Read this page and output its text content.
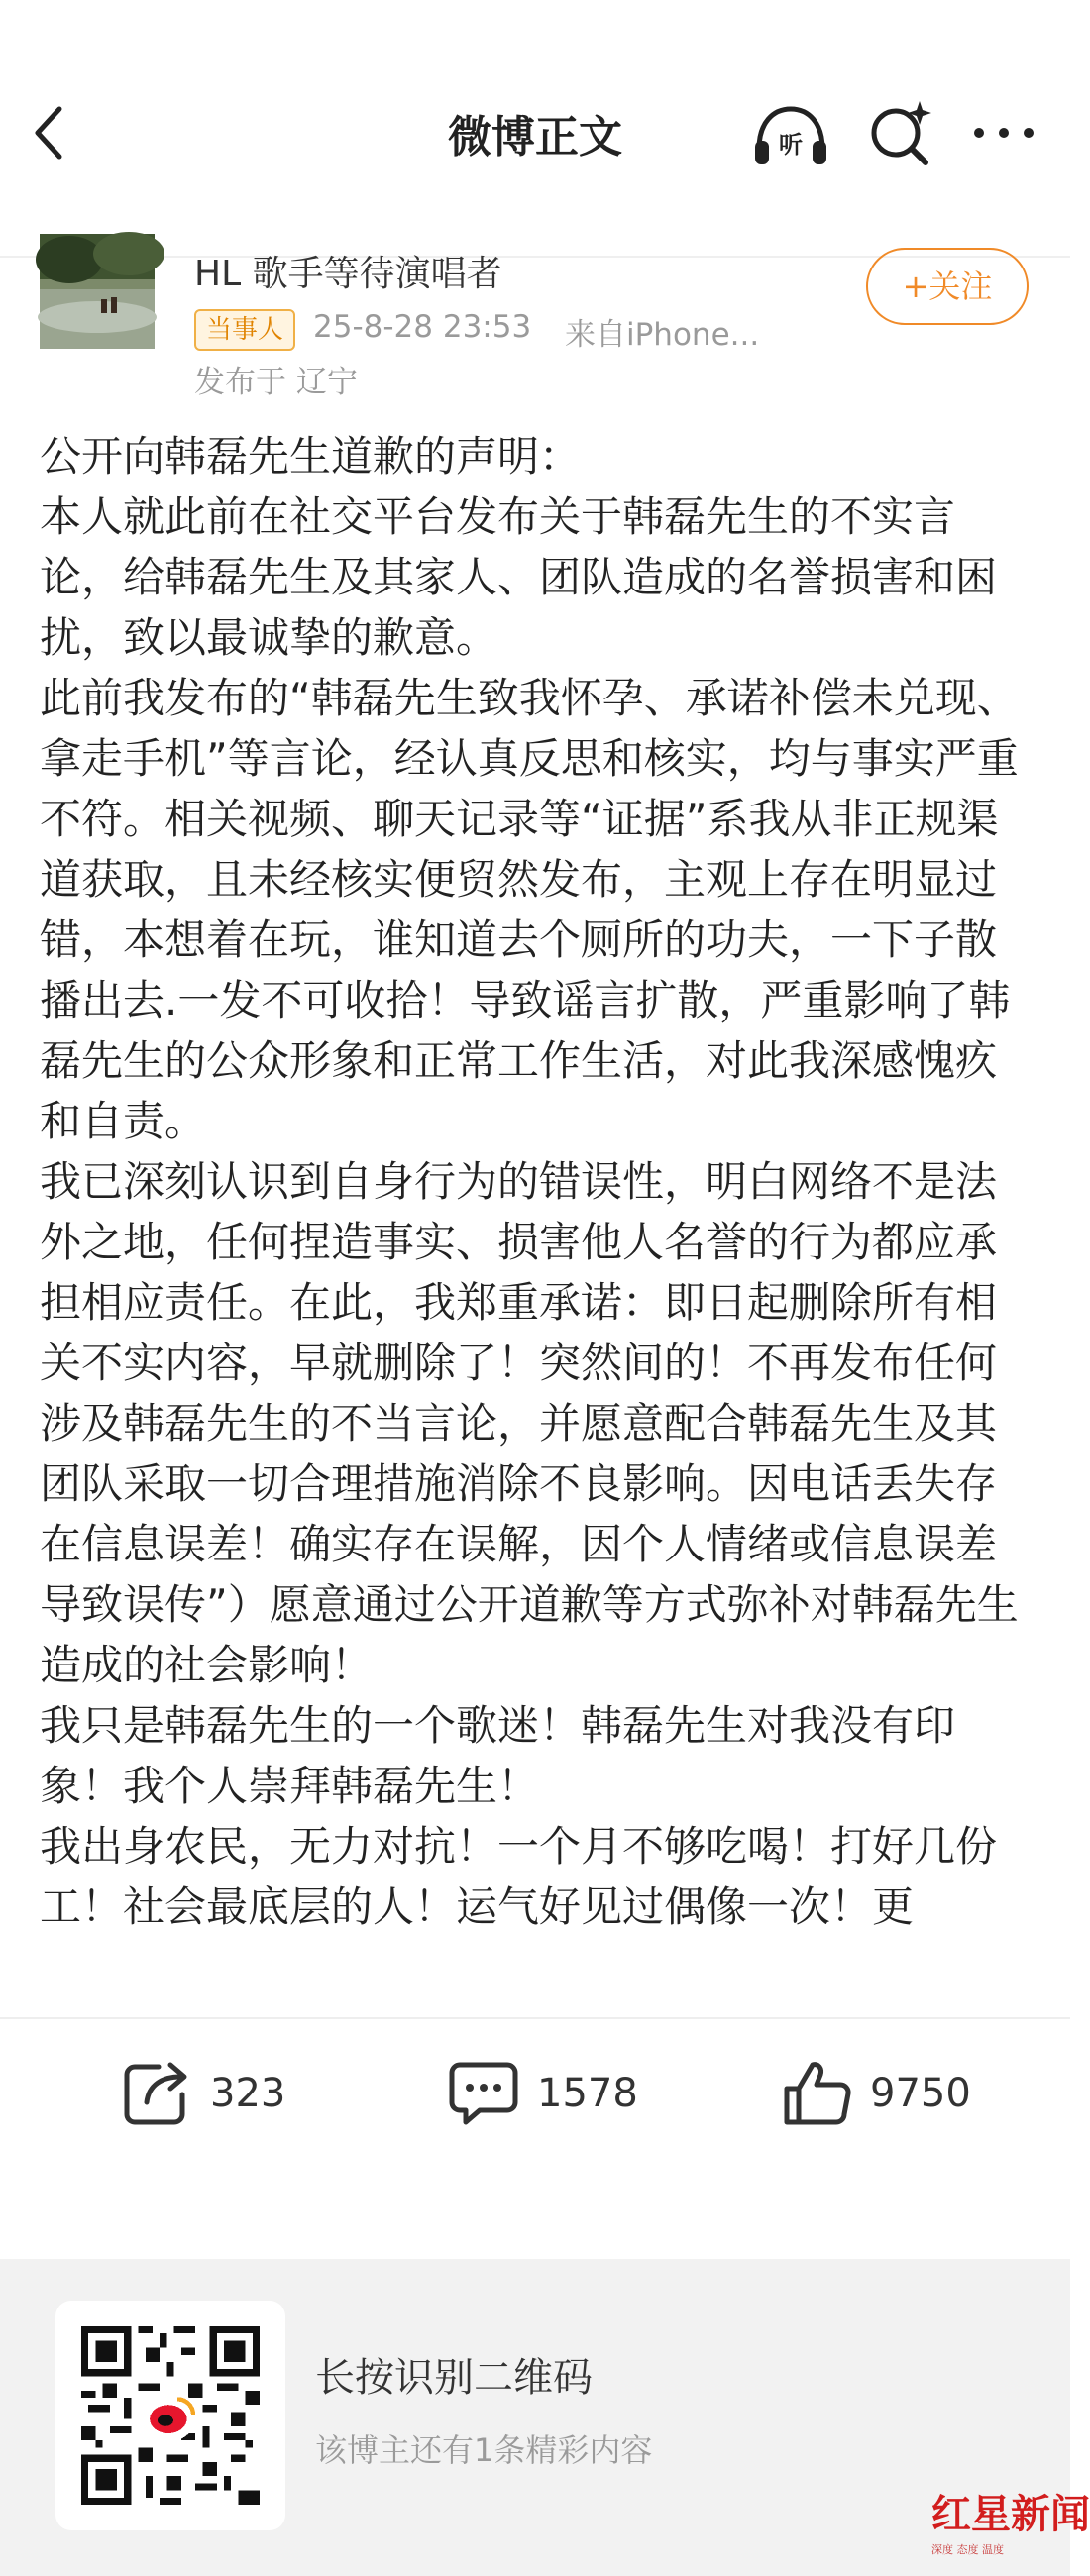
微博正文	听
HL 歌手等待演唱者
当事人 25-8-28 23:53 来自iPhone...
发布于 辽宁
+关注

公开向韩磊先生道歉的声明：

本人就此前在社交平台发布关于韩磊先生的不实言论，给韩磊先生及其家人、团队造成的名誉损害和困扰，致以最诚挚的歉意。

此前我发布的“韩磊先生致我怀孕、承诺补偿未兑现、拿走手机”等言论，经认真反思和核实，均与事实严重不符。相关视频、聊天记录等“证据”系我从非正规渠道获取，且未经核实便贸然发布，主观上存在明显过错，本想着在玩，谁知道去个厕所的功夫，一下子散播出去.一发不可收拾！导致谣言扩散，严重影响了韩磊先生的公众形象和正常工作生活，对此我深感愧疚和自责。

我已深刻认识到自身行为的错误性，明白网络不是法外之地，任何捏造事实、损害他人名誉的行为都应承担相应责任。在此，我郑重承诺：即日起删除所有相关不实内容，早就删除了！突然间的！不再发布任何涉及韩磊先生的不当言论，并愿意配合韩磊先生及其团队采取一切合理措施消除不良影响。因电话丢失存在信息误差！确实存在误解，因个人情绪或信息误差导致误传”）愿意通过公开道歉等方式弥补对韩磊先生造成的社会影响！

我只是韩磊先生的一个歌迷！韩磊先生对我没有印象！我个人崇拜韩磊先生！

我出身农民，无力对抗！一个月不够吃喝！打好几份工！社会最底层的人！运气好见过偶像一次！更

323	1578	9750
长按识别二维码
该博主还有1条精彩内容
红星新闻
深度 态度 温度
